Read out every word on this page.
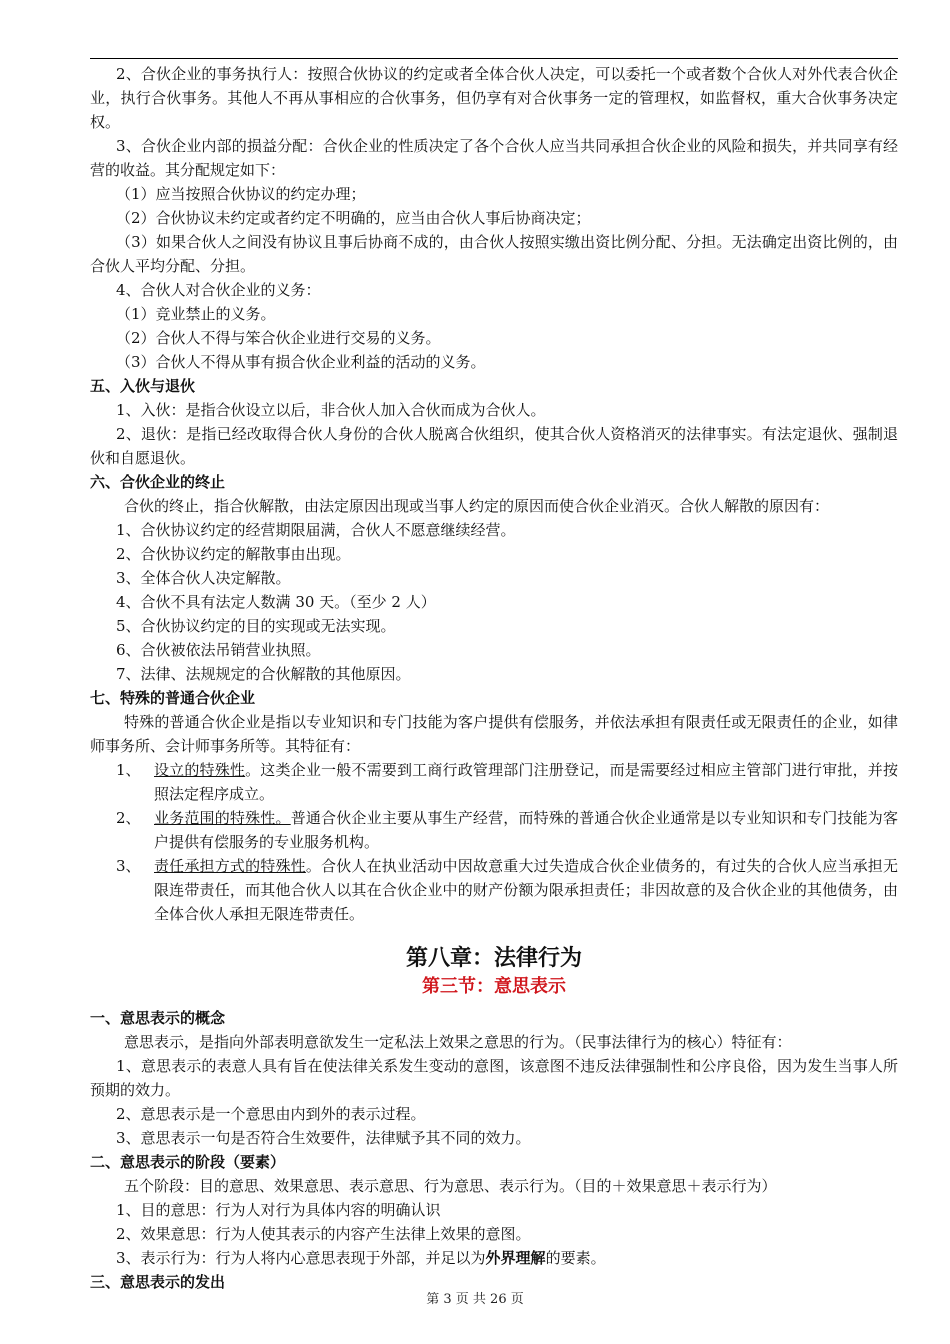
2、合伙企业的事务执行人：按照合伙协议的约定或者全体合伙人决定，可以委托一个或者数个合伙人对外代表合伙企业，执行合伙事务。其他人不再从事相应的合伙事务，但仍享有对合伙事务一定的管理权，如监督权，重大合伙事务决定权。

3、合伙企业内部的损益分配：合伙企业的性质决定了各个合伙人应当共同承担合伙企业的风险和损失，并共同享有经营的收益。其分配规定如下：

（1）应当按照合伙协议的约定办理；

（2）合伙协议未约定或者约定不明确的，应当由合伙人事后协商决定；

（3）如果合伙人之间没有协议且事后协商不成的，由合伙人按照实缴出资比例分配、分担。无法确定出资比例的，由合伙人平均分配、分担。

4、合伙人对合伙企业的义务：

（1）竞业禁止的义务。

（2）合伙人不得与笨合伙企业进行交易的义务。

（3）合伙人不得从事有损合伙企业利益的活动的义务。

五、入伙与退伙

1、入伙：是指合伙设立以后，非合伙人加入合伙而成为合伙人。

2、退伙：是指已经改取得合伙人身份的合伙人脱离合伙组织，使其合伙人资格消灭的法律事实。有法定退伙、强制退伙和自愿退伙。

六、合伙企业的终止

合伙的终止，指合伙解散，由法定原因出现或当事人约定的原因而使合伙企业消灭。合伙人解散的原因有：

1、合伙协议约定的经营期限届满，合伙人不愿意继续经营。

2、合伙协议约定的解散事由出现。

3、全体合伙人决定解散。

4、合伙不具有法定人数满 30 天。（至少 2 人）

5、合伙协议约定的目的实现或无法实现。

6、合伙被依法吊销营业执照。

7、法律、法规规定的合伙解散的其他原因。

七、特殊的普通合伙企业

特殊的普通合伙企业是指以专业知识和专门技能为客户提供有偿服务，并依法承担有限责任或无限责任的企业，如律师事务所、会计师事务所等。其特征有：

1、 设立的特殊性。这类企业一般不需要到工商行政管理部门注册登记，而是需要经过相应主管部门进行审批，并按照法定程序成立。
2、 业务范围的特殊性。普通合伙企业主要从事生产经营，而特殊的普通合伙企业通常是以专业知识和专门技能为客户提供有偿服务的专业服务机构。
3、 责任承担方式的特殊性。合伙人在执业活动中因故意重大过失造成合伙企业债务的，有过失的合伙人应当承担无限连带责任，而其他合伙人以其在合伙企业中的财产份额为限承担责任；非因故意的及合伙企业的其他债务，由全体合伙人承担无限连带责任。

第八章：法律行为

第三节：意思表示

一、意思表示的概念

意思表示，是指向外部表明意欲发生一定私法上效果之意思的行为。（民事法律行为的核心）特征有：

1、意思表示的表意人具有旨在使法律关系发生变动的意图，该意图不违反法律强制性和公序良俗，因为发生当事人所预期的效力。

2、意思表示是一个意思由内到外的表示过程。

3、意思表示一句是否符合生效要件，法律赋予其不同的效力。

二、意思表示的阶段（要素）

五个阶段：目的意思、效果意思、表示意思、行为意思、表示行为。（目的＋效果意思＋表示行为）

1、目的意思：行为人对行为具体内容的明确认识

2、效果意思：行为人使其表示的内容产生法律上效果的意图。

3、表示行为：行为人将内心意思表现于外部，并足以为外界理解的要素。

三、意思表示的发出

第 3 页 共 26 页
